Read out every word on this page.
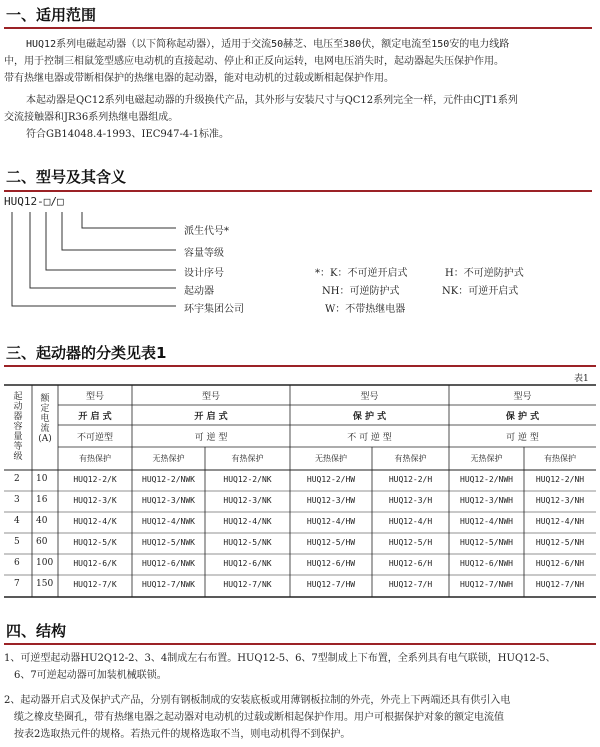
一、适用范围
HUQ12系列电磁起动器（以下简称起动器），适用于交流50赫芝、电压至380伏，额定电流至150安的电力线路
中，用于控制三相鼠笼型感应电动机的直接起动、停止和正反向运转，电网电压消失时，起动器起失压保护作用。
带有热继电器或带断相保护的热继电器的起动器，能对电动机的过载或断相起保护作用。
本起动器是QC12系列电磁起动器的升级换代产品，其外形与安装尺寸与QC12系列完全一样，元件由CJT1系列
交流接触器和JR36系列热继电器组成。
符合GB14048.4-1993、IEC947-4-1标准。
二、型号及其含义
HUQ12-□/□
派生代号*
容量等级
设计序号
起动器
环宇集团公司
*：K：不可逆开启式	H：不可逆防护式
NH：可逆防护式	NK：可逆开启式
W：不带热继电器
三、起动器的分类见表1
表1
起动器容量等级
额定电流(A)
型号	型号	型号	型号
开 启 式	开 启 式	保 护 式	保 护 式
不可逆型	可 逆 型	不 可 逆 型	可 逆 型
有热保护	无热保护	有热保护	无热保护	有热保护	无热保护	有热保护
2 10	HUQ12-2/K	HUQ12-2/NWK	HUQ12-2/NK	HUQ12-2/HW	HUQ12-2/H	HUQ12-2/NWH	HUQ12-2/NH
3 16	HUQ12-3/K	HUQ12-3/NWK	HUQ12-3/NK	HUQ12-3/HW	HUQ12-3/H	HUQ12-3/NWH	HUQ12-3/NH
4 40	HUQ12-4/K	HUQ12-4/NWK	HUQ12-4/NK	HUQ12-4/HW	HUQ12-4/H	HUQ12-4/NWH	HUQ12-4/NH
5 60	HUQ12-5/K	HUQ12-5/NWK	HUQ12-5/NK	HUQ12-5/HW	HUQ12-5/H	HUQ12-5/NWH	HUQ12-5/NH
6 100	HUQ12-6/K	HUQ12-6/NWK	HUQ12-6/NK	HUQ12-6/HW	HUQ12-6/H	HUQ12-6/NWH	HUQ12-6/NH
7 150	HUQ12-7/K	HUQ12-7/NWK	HUQ12-7/NK	HUQ12-7/HW	HUQ12-7/H	HUQ12-7/NWH	HUQ12-7/NH
四、结构
1、可逆型起动器HU2Q12-2、3、4制成左右布置。HUQ12-5、6、7型制成上下布置，全系列具有电气联锁，HUQ12-5、
6、7可逆起动器可加装机械联锁。
2、起动器开启式及保护式产品，分别有钢板制成的安装底板或用薄钢板拉制的外壳，外壳上下两端还具有供引入电
缆之橡皮垫圈孔，带有热继电器之起动器对电动机的过载或断相起保护作用。用户可根据保护对象的额定电流值
按表2选取热元件的规格。若热元件的规格选取不当，则电动机得不到保护。
